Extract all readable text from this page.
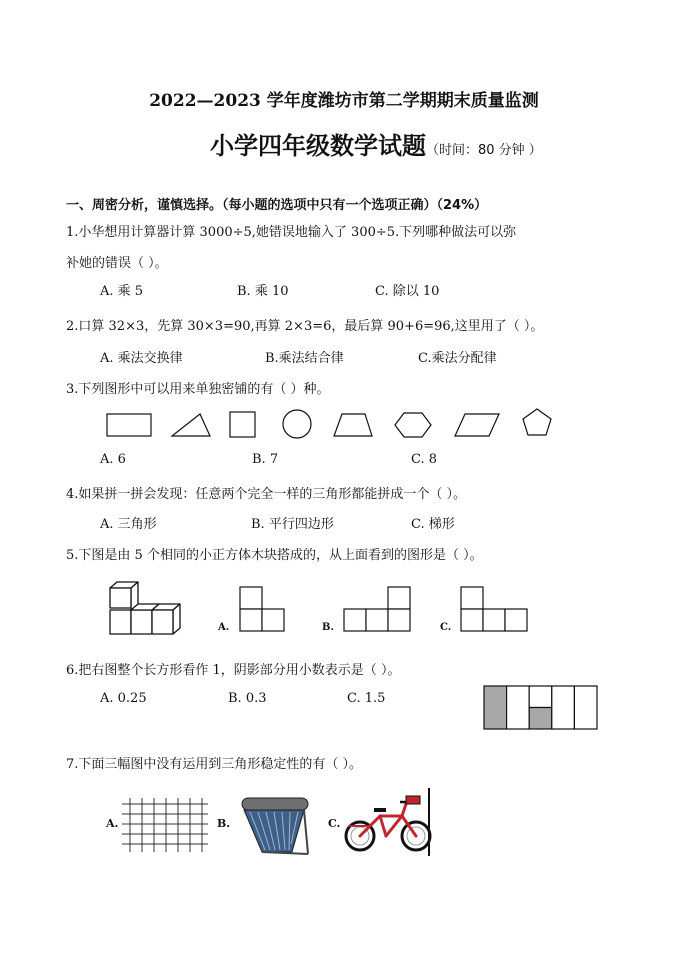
2022—2023 学年度潍坊市第二学期期末质量监测
小学四年级数学试题（时间：80 分钟 ）
一、周密分析，谨慎选择。（每小题的选项中只有一个选项正确）（24%）
1.小华想用计算器计算 3000÷5,她错误地输入了 300÷5.下列哪种做法可以弥
补她的错误（ ）。
A. 乘 5	B. 乘 10	C. 除以 10
2.口算 32×3，先算 30×3=90,再算 2×3=6，最后算 90+6=96,这里用了（ ）。
A. 乘法交换律	B.乘法结合律	C.乘法分配律
3.下列图形中可以用来单独密铺的有（ ）种。
A. 6	B. 7	C. 8
4.如果拼一拼会发现：任意两个完全一样的三角形都能拼成一个（ ）。
A. 三角形	B. 平行四边形	C. 梯形
5.下图是由 5 个相同的小正方体木块搭成的，从上面看到的图形是（ ）。
A.	B.	C.
6.把右图整个长方形看作 1，阴影部分用小数表示是（ ）。
A. 0.25	B. 0.3	C. 1.5
7.下面三幅图中没有运用到三角形稳定性的有（ ）。
A.	B.	C.
